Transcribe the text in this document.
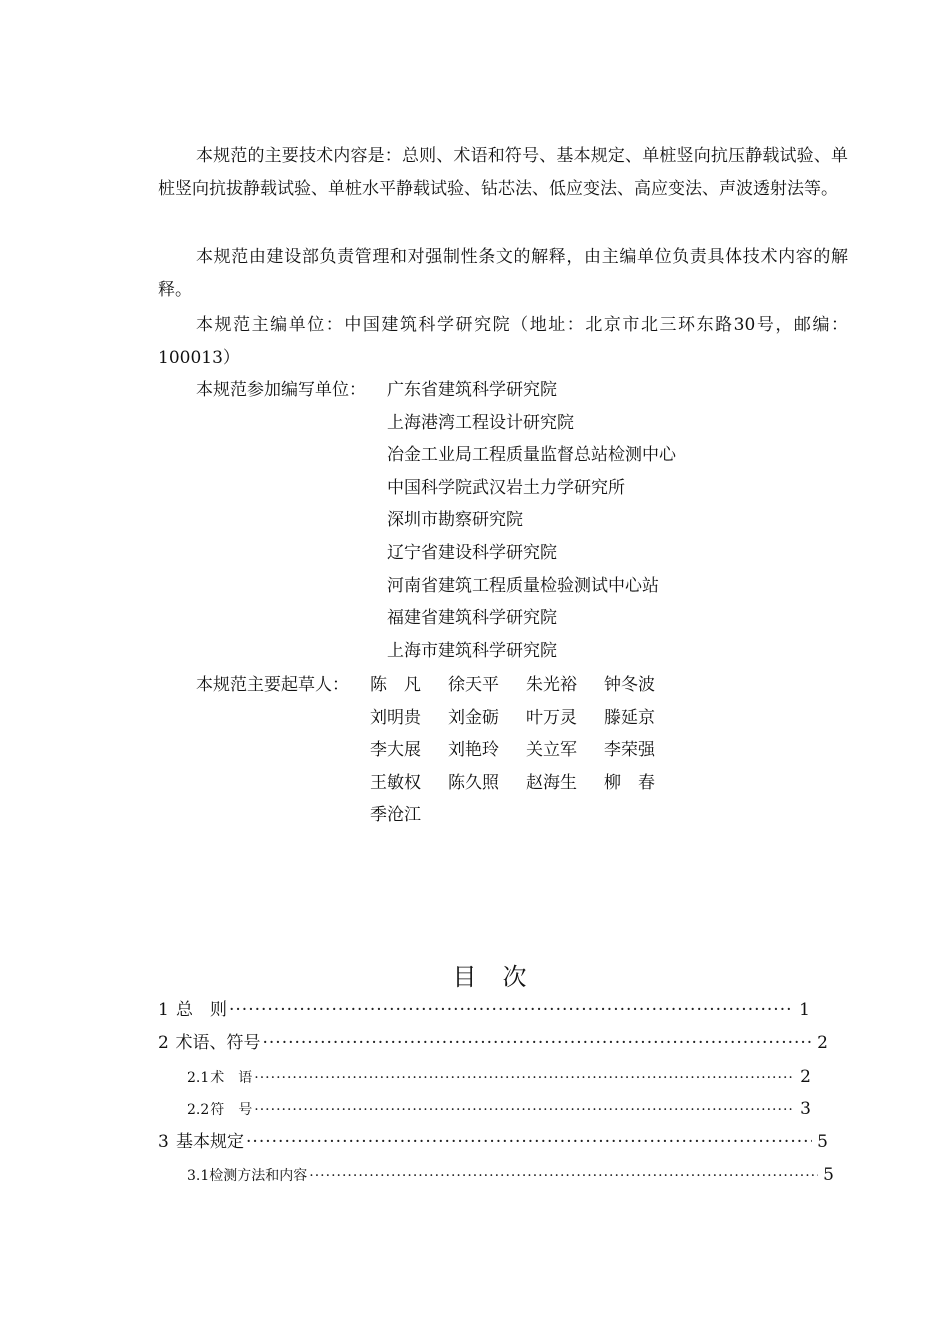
本规范的主要技术内容是：总则、术语和符号、基本规定、单桩竖向抗压静载试验、单桩竖向抗拔静载试验、单桩水平静载试验、钻芯法、低应变法、高应变法、声波透射法等。

本规范由建设部负责管理和对强制性条文的解释，由主编单位负责具体技术内容的解释。

本规范主编单位：中国建筑科学研究院（地址：北京市北三环东路30号，邮编：100013）

本规范参加编写单位： 广东省建筑科学研究院
上海港湾工程设计研究院
冶金工业局工程质量监督总站检测中心
中国科学院武汉岩土力学研究所
深圳市勘察研究院
辽宁省建设科学研究院
河南省建筑工程质量检验测试中心站
福建省建筑科学研究院
上海市建筑科学研究院
本规范主要起草人： 陈　凡	徐天平	朱光裕	钟冬波
刘明贵	刘金砺	叶万灵	滕延京
李大展	刘艳玲	关立军	李荣强
王敏权	陈久照	赵海生	柳　春
季沧江
目次
1 总　则 ·····	1
2 术语、符号 ·····	2
2.1 术　语 ·····	2
2.2 符　号 ·····	3
3 基本规定 ·····	5
3.1 检测方法和内容 ·····	5
